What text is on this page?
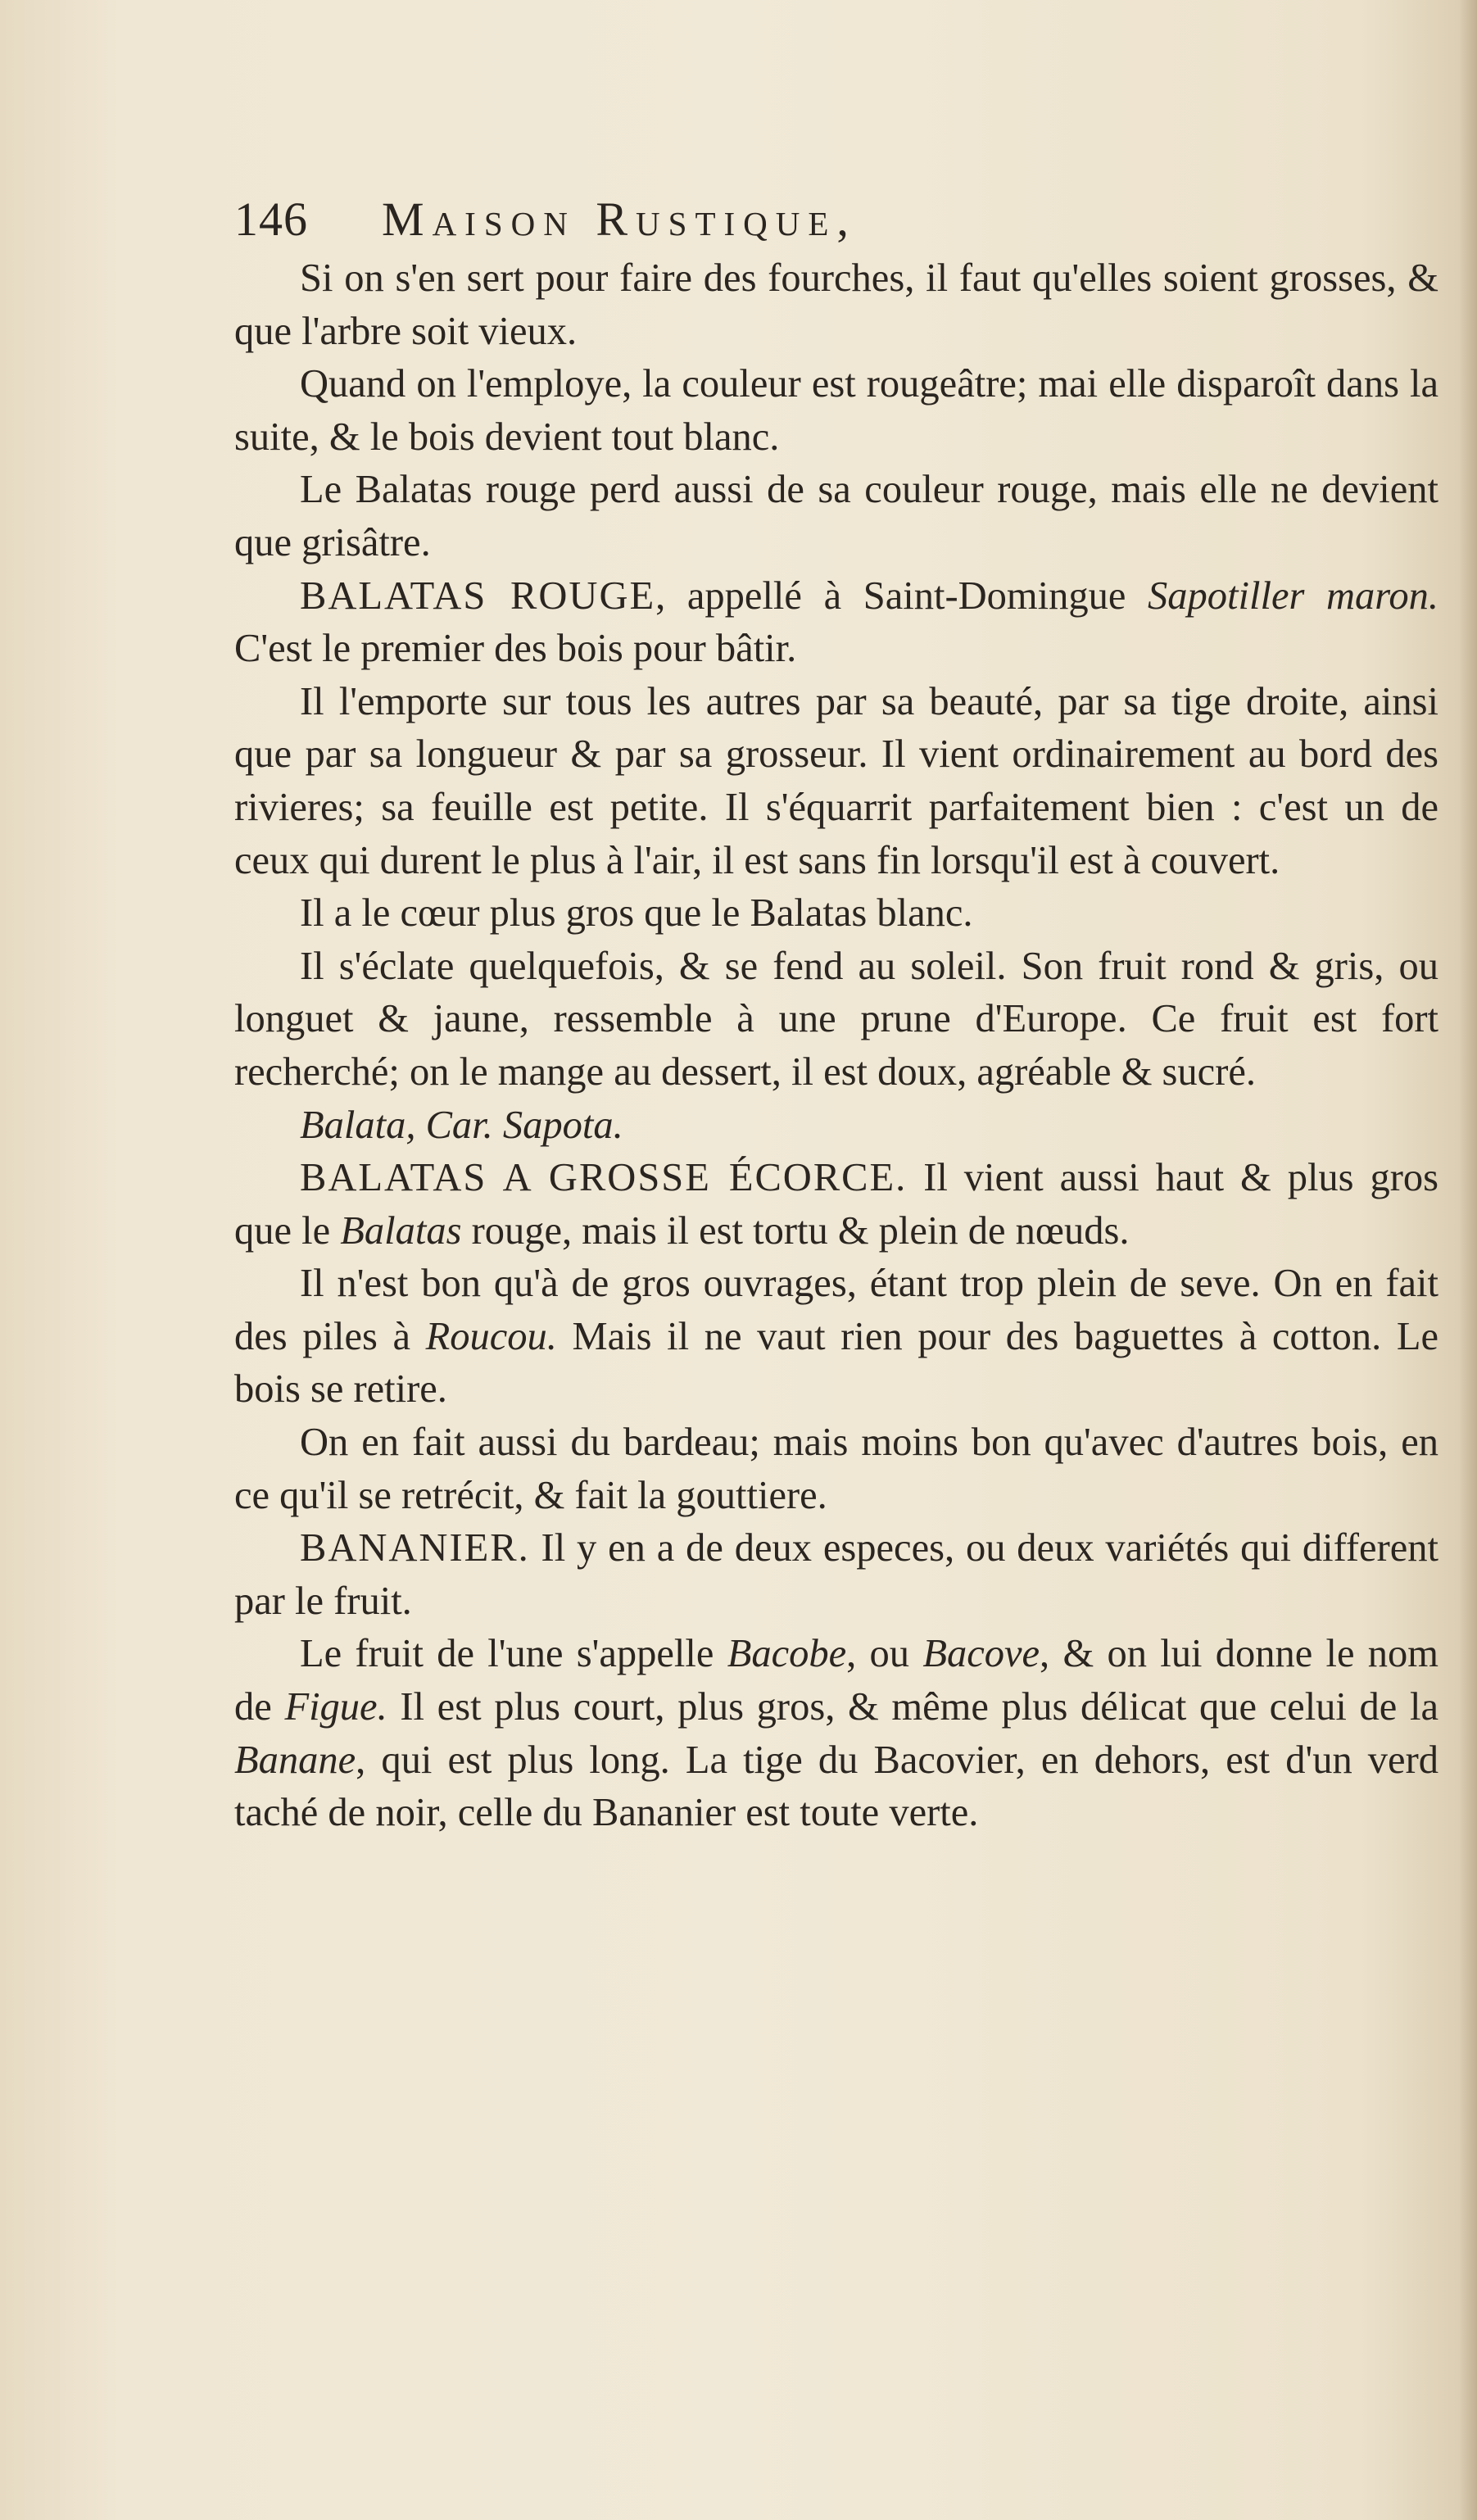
146 Maison Rustique,

Si on s'en sert pour faire des fourches, il faut qu'elles soient grosses, & que l'arbre soit vieux.

Quand on l'employe, la couleur est rougeâtre; mai elle disparoît dans la suite, & le bois devient tout blanc.

Le Balatas rouge perd aussi de sa couleur rouge, mais elle ne devient que grisâtre.

BALATAS ROUGE, appellé à Saint-Domingue Sapotiller maron. C'est le premier des bois pour bâtir.

Il l'emporte sur tous les autres par sa beauté, par sa tige droite, ainsi que par sa longueur & par sa grosseur. Il vient ordinairement au bord des rivieres; sa feuille est petite. Il s'équarrit parfaitement bien : c'est un de ceux qui durent le plus à l'air, il est sans fin lorsqu'il est à couvert.

Il a le cœur plus gros que le Balatas blanc.

Il s'éclate quelquefois, & se fend au soleil. Son fruit rond & gris, ou longuet & jaune, ressemble à une prune d'Europe. Ce fruit est fort recherché; on le mange au dessert, il est doux, agréable & sucré.

Balata, Car. Sapota.

BALATAS A GROSSE ÉCORCE. Il vient aussi haut & plus gros que le Balatas rouge, mais il est tortu & plein de nœuds.

Il n'est bon qu'à de gros ouvrages, étant trop plein de seve. On en fait des piles à Roucou. Mais il ne vaut rien pour des baguettes à cotton. Le bois se retire.

On en fait aussi du bardeau; mais moins bon qu'avec d'autres bois, en ce qu'il se retrécit, & fait la gouttiere.

BANANIER. Il y en a de deux especes, ou deux variétés qui different par le fruit.

Le fruit de l'une s'appelle Bacobe, ou Bacove, & on lui donne le nom de Figue. Il est plus court, plus gros, & même plus délicat que celui de la Banane, qui est plus long. La tige du Bacovier, en dehors, est d'un verd taché de noir, celle du Bananier est toute verte.
